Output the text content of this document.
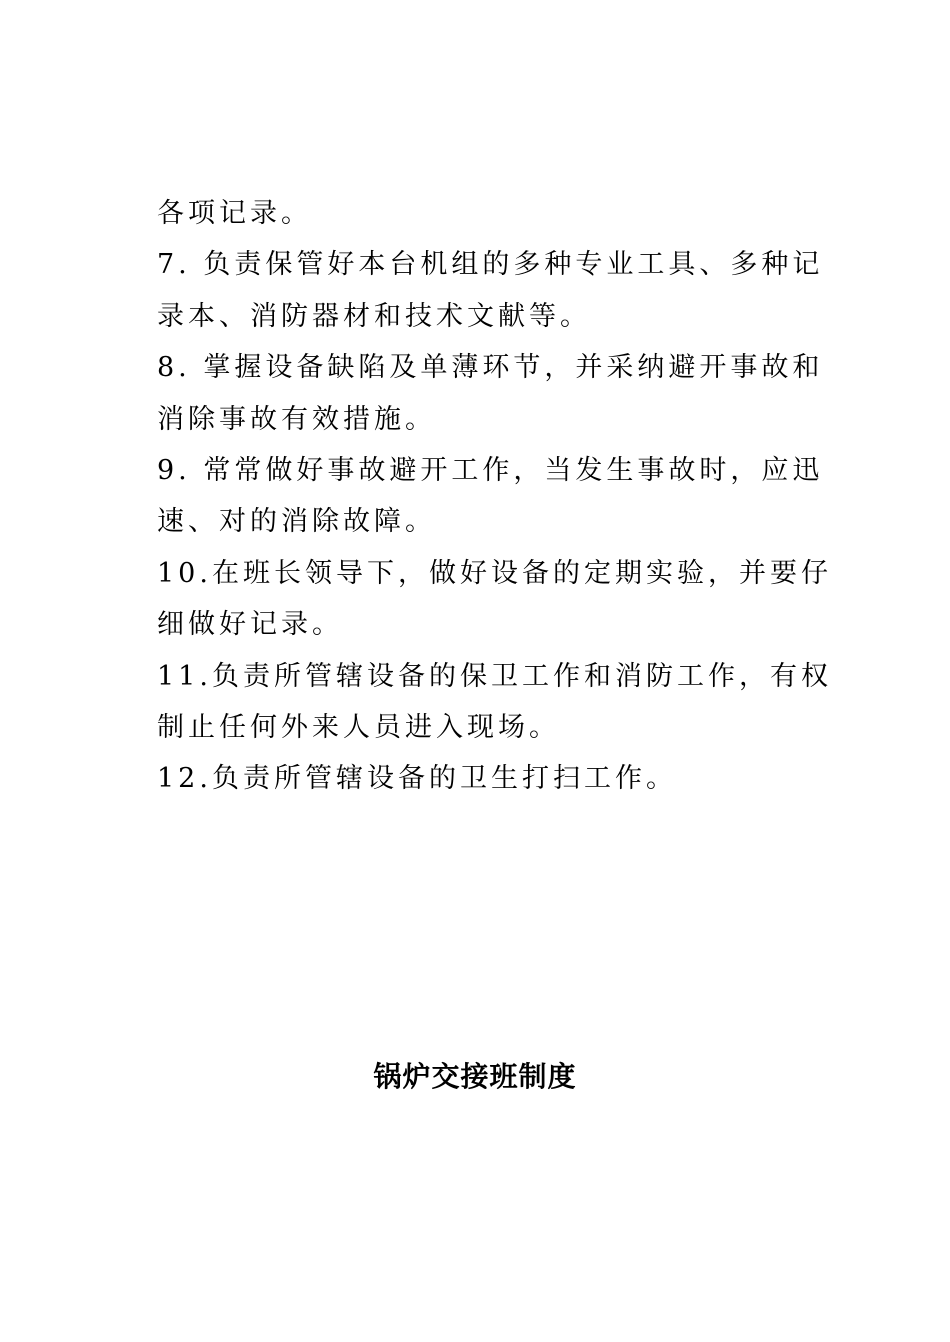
各项记录。
7. 负责保管好本台机组的多种专业工具、多种记
录本、消防器材和技术文献等。
8. 掌握设备缺陷及单薄环节，并采纳避开事故和
消除事故有效措施。
9. 常常做好事故避开工作，当发生事故时，应迅
速、对的消除故障。
10.在班长领导下，做好设备的定期实验，并要仔
细做好记录。
11.负责所管辖设备的保卫工作和消防工作，有权
制止任何外来人员进入现场。
12.负责所管辖设备的卫生打扫工作。
锅炉交接班制度
